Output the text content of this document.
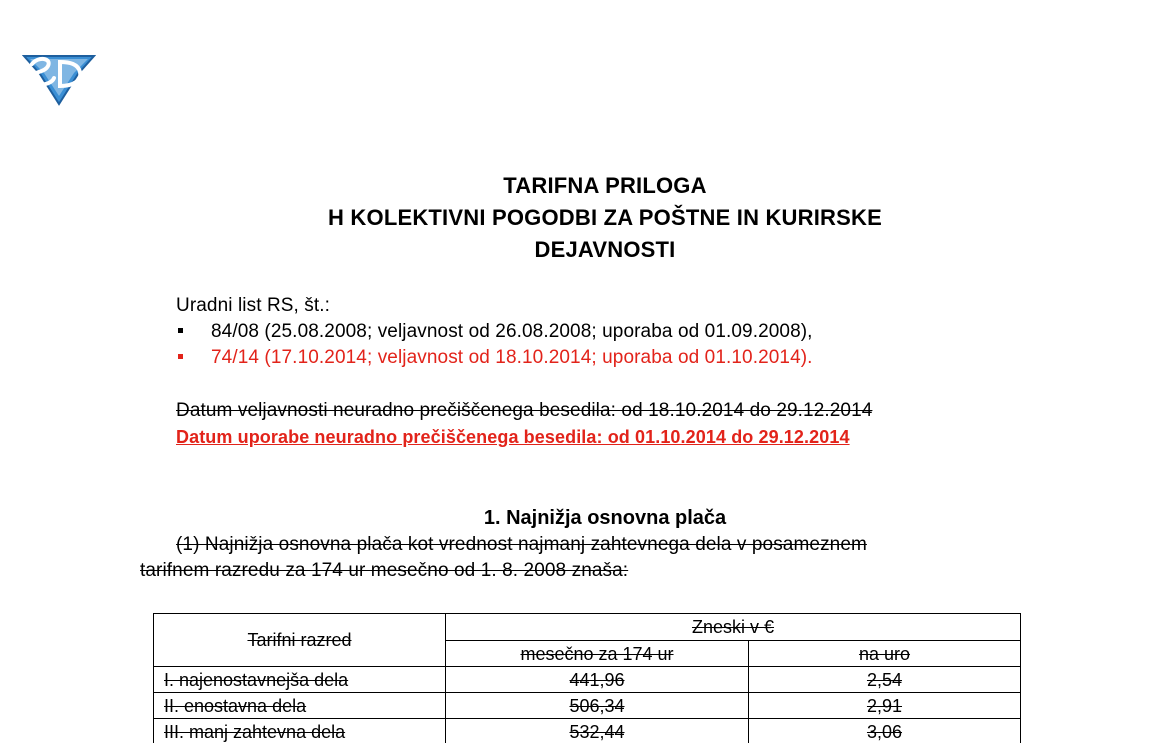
TARIFNA PRILOGA
H KOLEKTIVNI POGODBI ZA POŠTNE IN KURIRSKE
DEJAVNOSTI
Uradni list RS, št.:
84/08 (25.08.2008; veljavnost od 26.08.2008; uporaba od 01.09.2008),
74/14 (17.10.2014; veljavnost od 18.10.2014; uporaba od 01.10.2014).
Datum veljavnosti neuradno prečiščenega besedila: od 18.10.2014 do 29.12.2014
Datum uporabe neuradno prečiščenega besedila: od 01.10.2014 do 29.12.2014
1. Najnižja osnovna plača
(1) Najnižja osnovna plača kot vrednost najmanj zahtevnega dela v posameznem
tarifnem razredu za 174 ur mesečno od 1. 8. 2008 znaša:
Tarifni razred	Zneski v €	
	mesečno za 174 ur	na uro
I. najenostavnejša dela	441,96	2,54
II. enostavna dela	506,34	2,91
III. manj zahtevna dela	532,44	3,06
